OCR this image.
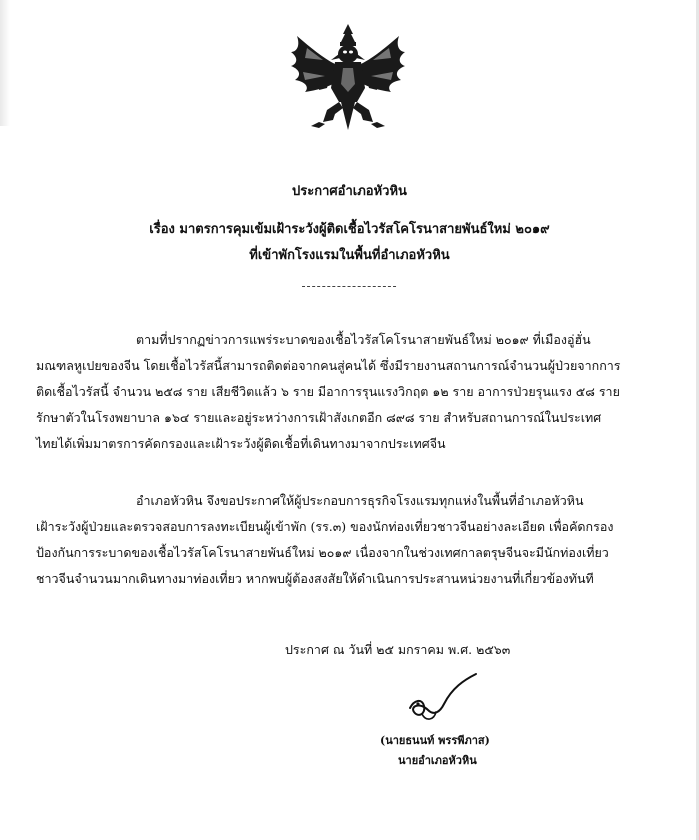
ประกาศอำเภอหัวหิน
เรื่อง มาตรการคุมเข้มเฝ้าระวังผู้ติดเชื้อไวรัสโคโรนาสายพันธ์ใหม่ ๒๐๑๙
ที่เข้าพักโรงแรมในพื้นที่อำเภอหัวหิน
-------------------
ตามที่ปรากฏข่าวการแพร่ระบาดของเชื้อไวรัสโคโรนาสายพันธ์ใหม่ ๒๐๑๙ ที่เมืองอู่ฮั่น
มณฑลหูเปยของจีน โดยเชื้อไวรัสนี้สามารถติดต่อจากคนสู่คนได้ ซึ่งมีรายงานสถานการณ์จำนวนผู้ป่วยจากการ
ติดเชื้อไวรัสนี้ จำนวน ๒๕๘ ราย เสียชีวิตแล้ว ๖ ราย มีอาการรุนแรงวิกฤต ๑๒ ราย อาการป่วยรุนแรง ๕๘ ราย
รักษาตัวในโรงพยาบาล ๑๖๔ รายและอยู่ระหว่างการเฝ้าสังเกตอีก ๘๙๘ ราย สำหรับสถานการณ์ในประเทศ
ไทยได้เพิ่มมาตรการคัดกรองและเฝ้าระวังผู้ติดเชื้อที่เดินทางมาจากประเทศจีน
อำเภอหัวหิน จึงขอประกาศให้ผู้ประกอบการธุรกิจโรงแรมทุกแห่งในพื้นที่อำเภอหัวหิน
เฝ้าระวังผู้ป่วยและตรวจสอบการลงทะเบียนผู้เข้าพัก (รร.๓) ของนักท่องเที่ยวชาวจีนอย่างละเอียด เพื่อคัดกรอง
ป้องกันการระบาดของเชื้อไวรัสโคโรนาสายพันธ์ใหม่ ๒๐๑๙ เนื่องจากในช่วงเทศกาลตรุษจีนจะมีนักท่องเที่ยว
ชาวจีนจำนวนมากเดินทางมาท่องเที่ยว หากพบผู้ต้องสงสัยให้ดำเนินการประสานหน่วยงานที่เกี่ยวข้องทันที
ประกาศ ณ วันที่ ๒๕ มกราคม พ.ศ. ๒๕๖๓
(นายธนนท์ พรรพีภาส)
นายอำเภอหัวหิน
